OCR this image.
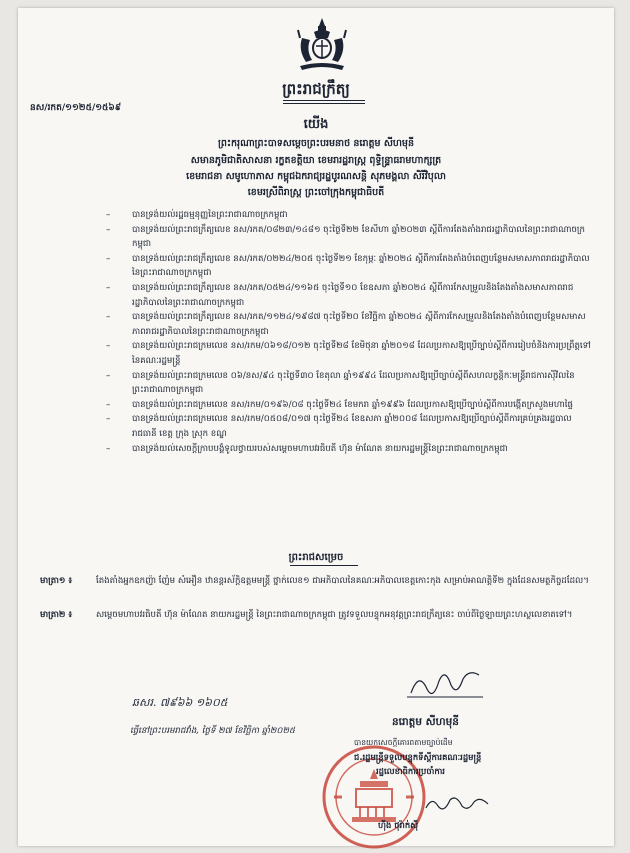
ព្រះរាជក្រឹត្យ
នស/រកត/១១២៥/១៥៦៩
យើង
ព្រះករុណាព្រះបាទសម្តេចព្រះបរមនាថ នរោត្តម សីហមុនី
សមានភូមិជាតិសាសនា រក្ខតខត្តិយា ខេមរារដ្ឋរាស្ត្រ ពុទ្ធិន្ទ្រាធរាមហាក្សត្រ
ខេមរាជនា សមូហោភាស កម្ពុជឯករាជ្យរដ្ឋបូរណសន្តិ សុភមង្គលា សិរីវិបុលា
ខេមរស្រីពិរាស្ត្រ ព្រះចៅក្រុងកម្ពុជាធិបតី
–	បានទ្រង់យល់រដ្ឋធម្មនុញ្ញនៃព្រះរាជាណាចក្រកម្ពុជា
–	បានទ្រង់យល់ព្រះរាជក្រឹត្យលេខ នស/រកត/០៨២៣/១៤៨១ ចុះថ្ងៃទី២២ ខែសីហា ឆ្នាំ២០២៣ ស្តីពីការតែងតាំងរាជរដ្ឋាភិបាលនៃព្រះរាជាណាចក្រកម្ពុជា
–	បានទ្រង់យល់ព្រះរាជក្រឹត្យលេខ នស/រកត/០២២៤/២០៥ ចុះថ្ងៃទី២១ ខែកុម្ភៈ ឆ្នាំ២០២៤ ស្តីពីការតែងតាំងបំពេញបន្ថែមសមាសភាពរាជរដ្ឋាភិបាលនៃព្រះរាជាណាចក្រកម្ពុជា
–	បានទ្រង់យល់ព្រះរាជក្រឹត្យលេខ នស/រកត/០៥២៤/១១៦៥ ចុះថ្ងៃទី១០ ខែឧសភា ឆ្នាំ២០២៤ ស្តីពីការកែសម្រួលនិងតែងតាំងសមាសភាពរាជរដ្ឋាភិបាលនៃព្រះរាជាណាចក្រកម្ពុជា
–	បានទ្រង់យល់ព្រះរាជក្រឹត្យលេខ នស/រកត/១១២៤/១៩៨៧ ចុះថ្ងៃទី២០ ខែវិច្ឆិកា ឆ្នាំ២០២៤ ស្តីពីការកែសម្រួលនិងតែងតាំងបំពេញបន្ថែមសមាសភាពរាជរដ្ឋាភិបាលនៃព្រះរាជាណាចក្រកម្ពុជា
–	បានទ្រង់យល់ព្រះរាជក្រមលេខ នស/រកម/០៦១៨/០១២ ចុះថ្ងៃទី២៨ ខែមិថុនា ឆ្នាំ២០១៨ ដែលប្រកាសឱ្យប្រើច្បាប់ស្តីពីការរៀបចំនិងការប្រព្រឹត្តទៅនៃគណៈរដ្ឋមន្ត្រី
–	បានទ្រង់យល់ព្រះរាជក្រមលេខ ០៦/នស/៩៤ ចុះថ្ងៃទី៣០ ខែតុលា ឆ្នាំ១៩៩៤ ដែលប្រកាសឱ្យប្រើច្បាប់ស្តីពីសហលក្ខន្តិកៈមន្ត្រីរាជការស៊ីវិលនៃព្រះរាជាណាចក្រកម្ពុជា
–	បានទ្រង់យល់ព្រះរាជក្រមលេខ នស/រកម/០១៩៦/០៨ ចុះថ្ងៃទី២៤ ខែមករា ឆ្នាំ១៩៩៦ ដែលប្រកាសឱ្យប្រើច្បាប់ស្តីពីការបង្កើតក្រសួងមហាផ្ទៃ
–	បានទ្រង់យល់ព្រះរាជក្រមលេខ នស/រកម/០៥០៨/០១៧ ចុះថ្ងៃទី២៤ ខែឧសភា ឆ្នាំ២០០៨ ដែលប្រកាសឱ្យប្រើច្បាប់ស្តីពីការគ្រប់គ្រងរដ្ឋបាលរាជធានី ខេត្ត ក្រុង ស្រុក ខណ្ឌ
–	បានទ្រង់យល់សេចក្តីក្រាបបង្គំទូលថ្វាយរបស់សម្តេចមហាបវរធិបតី ហ៊ុន ម៉ាណែត នាយករដ្ឋមន្ត្រីនៃព្រះរាជាណាចក្រកម្ពុជា
ព្រះរាជសម្រេច
មាត្រា១ ៖	តែងតាំងអ្នកឧកញ៉ា ញ៉ែម សំអឿន ឋានន្តរស័ក្តិឧត្តមមន្ត្រី ថ្នាក់លេខ១ ជាអភិបាលនៃគណៈអភិបាលខេត្តកោះកុង សម្រាប់អាណត្តិទី២ ក្នុងដែនសមត្ថកិច្ចដដែល។
មាត្រា២ ៖	សម្តេចមហាបវរធិបតី ហ៊ុន ម៉ាណែត នាយករដ្ឋមន្ត្រី នៃព្រះរាជាណាចក្រកម្ពុជា ត្រូវទទួលបន្ទុកអនុវត្តព្រះរាជក្រឹត្យនេះ ចាប់ពីថ្ងៃឡាយព្រះហស្ថលេខាតទៅ។
ឆសរ. ៧៩៦៦ ១៦០៥
ធ្វើនៅព្រះបរមរាជវាំង, ថ្ងៃទី ២៧ ខែវិច្ឆិកា ឆ្នាំ២០២៥
នរោត្តម សីហមុនី
បានយកសេចក្តីគោរពតាមច្បាប់ដើម
ជ.រដ្ឋមន្ត្រីទទួលបន្ទុកទីស្តីការគណៈរដ្ឋមន្ត្រី
រដ្ឋលេខាធិការប្រចាំការ
ហ៊ីង ថុរ៉ាក់ស៊ី
